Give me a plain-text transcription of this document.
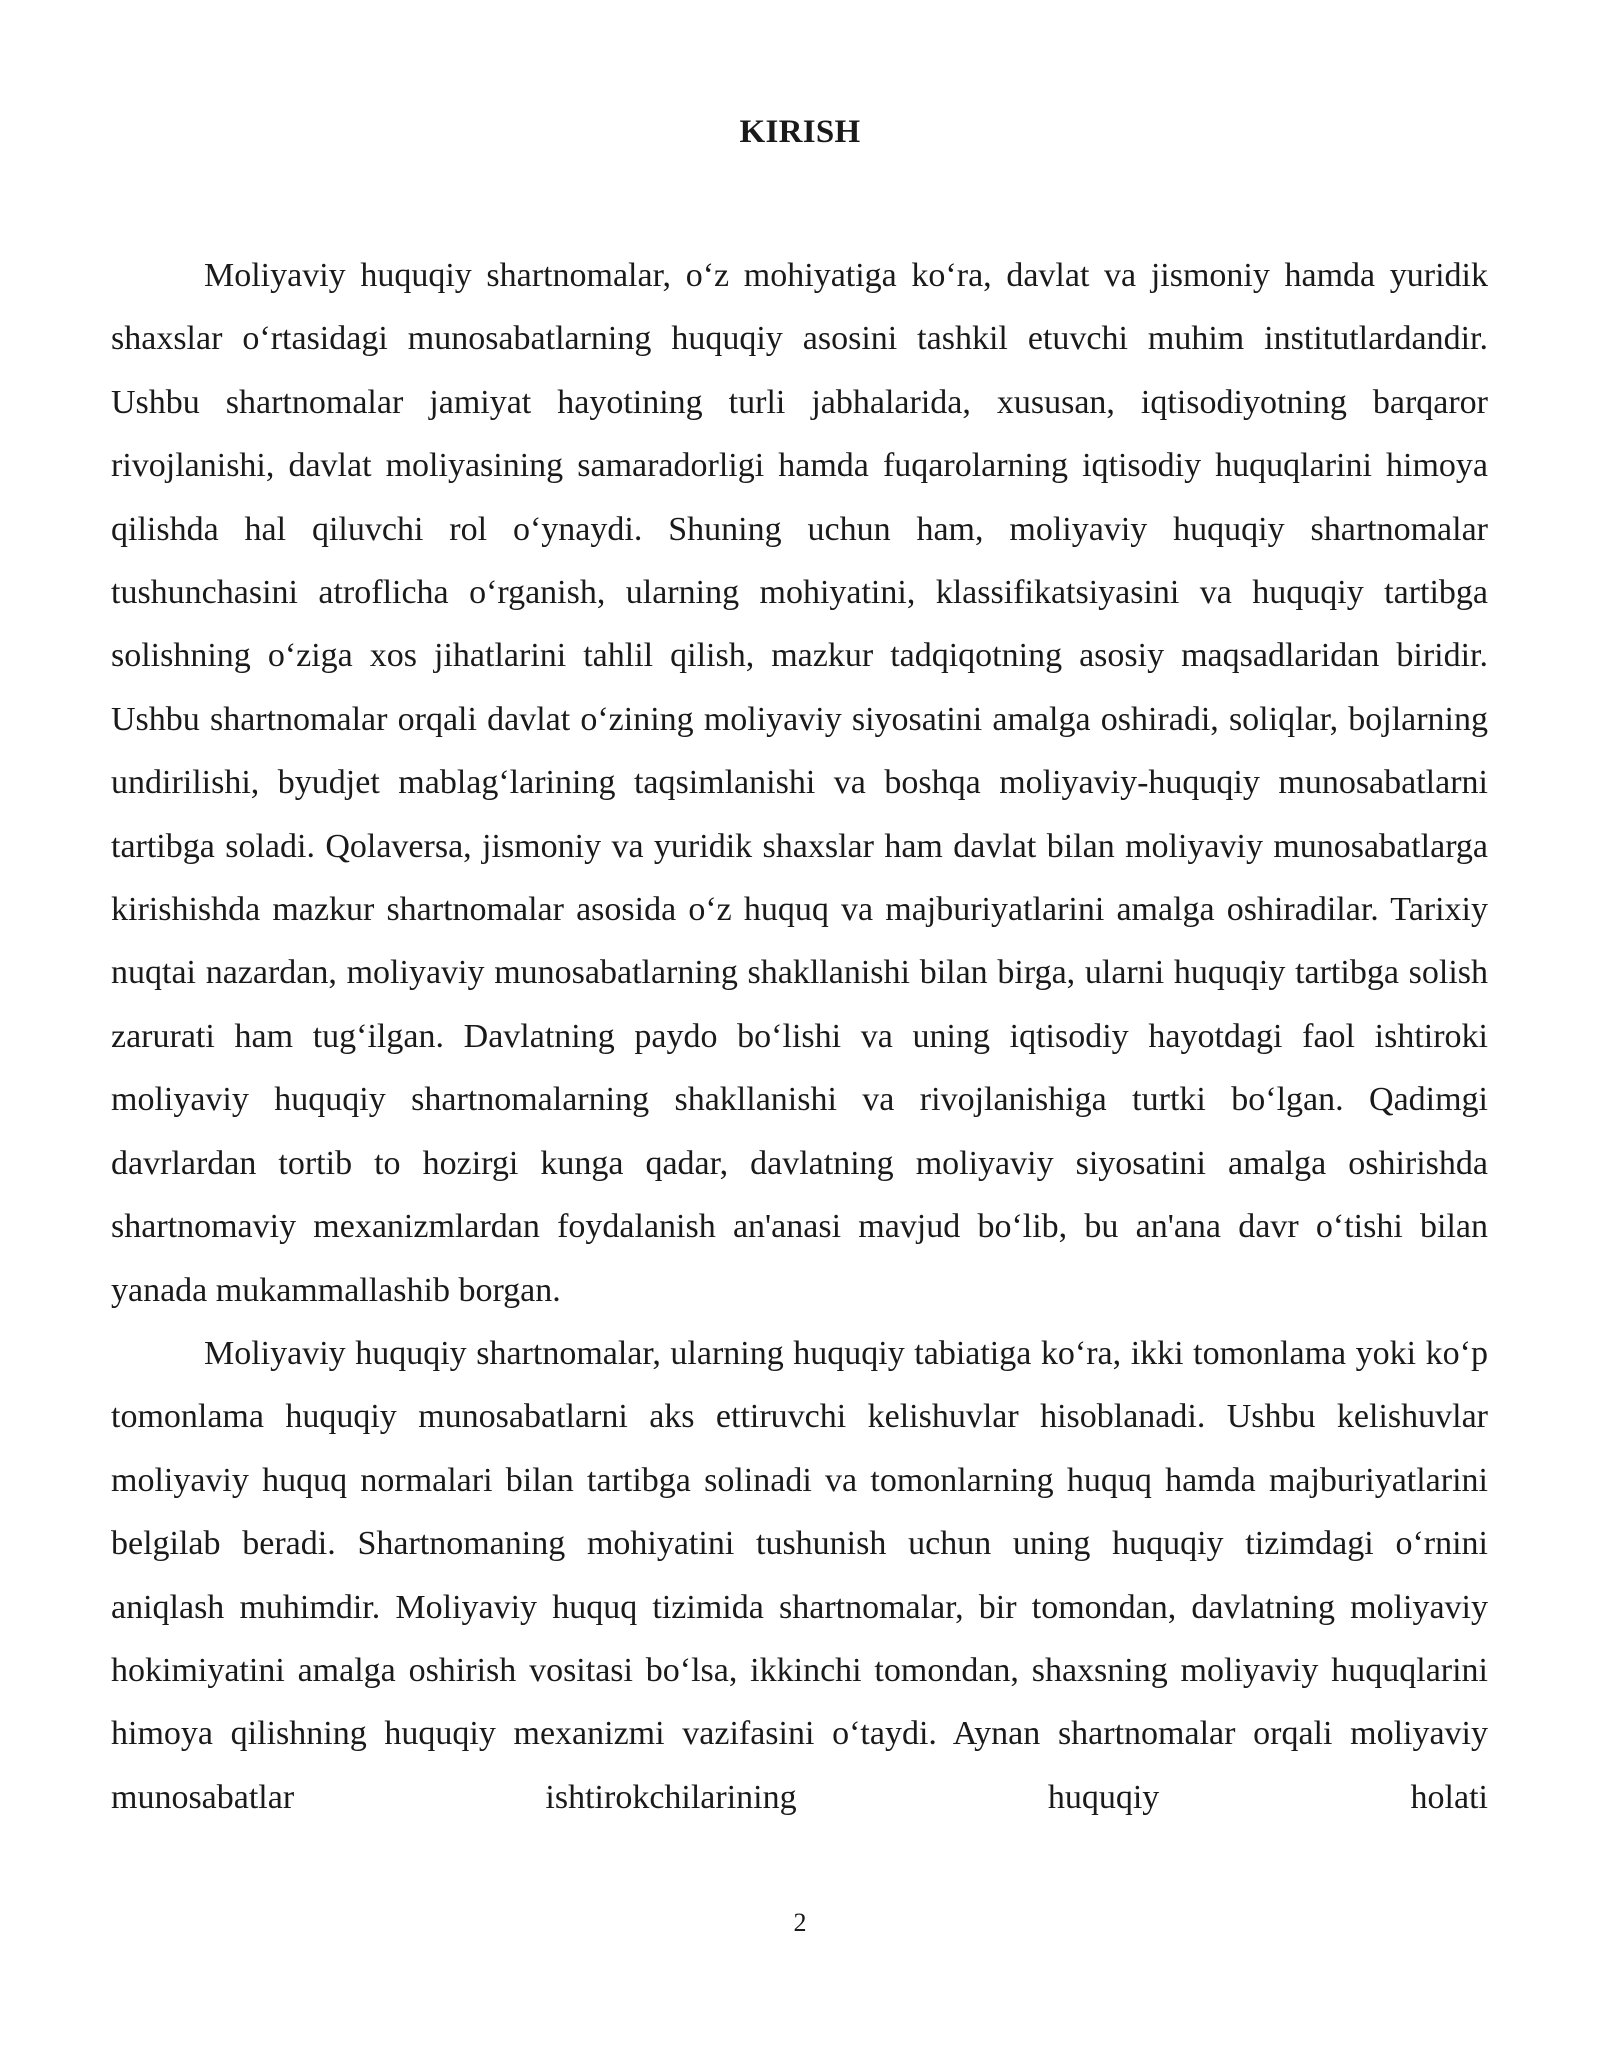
KIRISH

Moliyaviy huquqiy shartnomalar, o‘z mohiyatiga ko‘ra, davlat va jismoniy hamda yuridik shaxslar o‘rtasidagi munosabatlarning huquqiy asosini tashkil etuvchi muhim institutlardandir. Ushbu shartnomalar jamiyat hayotining turli jabhalarida, xususan, iqtisodiyotning barqaror rivojlanishi, davlat moliyasining samaradorligi hamda fuqarolarning iqtisodiy huquqlarini himoya qilishda hal qiluvchi rol o‘ynaydi. Shuning uchun ham, moliyaviy huquqiy shartnomalar tushunchasini atroflicha o‘rganish, ularning mohiyatini, klassifikatsiyasini va huquqiy tartibga solishning o‘ziga xos jihatlarini tahlil qilish, mazkur tadqiqotning asosiy maqsadlaridan biridir. Ushbu shartnomalar orqali davlat o‘zining moliyaviy siyosatini amalga oshiradi, soliqlar, bojlarning undirilishi, byudjet mablag‘larining taqsimlanishi va boshqa moliyaviy-huquqiy munosabatlarni tartibga soladi. Qolaversa, jismoniy va yuridik shaxslar ham davlat bilan moliyaviy munosabatlarga kirishishda mazkur shartnomalar asosida o‘z huquq va majburiyatlarini amalga oshiradilar. Tarixiy nuqtai nazardan, moliyaviy munosabatlarning shakllanishi bilan birga, ularni huquqiy tartibga solish zarurati ham tug‘ilgan. Davlatning paydo bo‘lishi va uning iqtisodiy hayotdagi faol ishtiroki moliyaviy huquqiy shartnomalarning shakllanishi va rivojlanishiga turtki bo‘lgan. Qadimgi davrlardan tortib to hozirgi kunga qadar, davlatning moliyaviy siyosatini amalga oshirishda shartnomaviy mexanizmlardan foydalanish an'anasi mavjud bo‘lib, bu an'ana davr o‘tishi bilan yanada mukammallashib borgan.

Moliyaviy huquqiy shartnomalar, ularning huquqiy tabiatiga ko‘ra, ikki tomonlama yoki ko‘p tomonlama huquqiy munosabatlarni aks ettiruvchi kelishuvlar hisoblanadi. Ushbu kelishuvlar moliyaviy huquq normalari bilan tartibga solinadi va tomonlarning huquq hamda majburiyatlarini belgilab beradi. Shartnomaning mohiyatini tushunish uchun uning huquqiy tizimdagi o‘rnini aniqlash muhimdir. Moliyaviy huquq tizimida shartnomalar, bir tomondan, davlatning moliyaviy hokimiyatini amalga oshirish vositasi bo‘lsa, ikkinchi tomondan, shaxsning moliyaviy huquqlarini himoya qilishning huquqiy mexanizmi vazifasini o‘taydi. Aynan shartnomalar orqali moliyaviy munosabatlar ishtirokchilarining huquqiy holati

2
